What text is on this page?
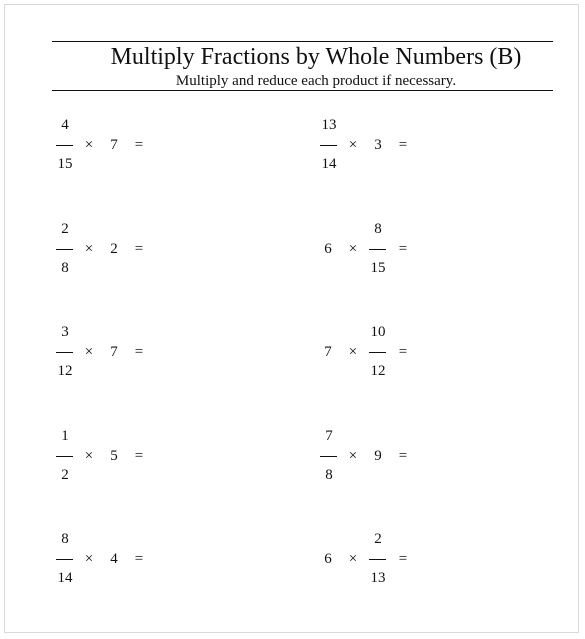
Multiply Fractions by Whole Numbers (B)
Multiply and reduce each product if necessary.
4
15
× 7 =
2
8
× 2 =
3
12
× 7 =
1
2
× 5 =
8
14
× 4 =
13
14
× 3 =
6 ×
8
15
=
7 ×
10
12
=
7
8
× 9 =
6 ×
2
13
=
